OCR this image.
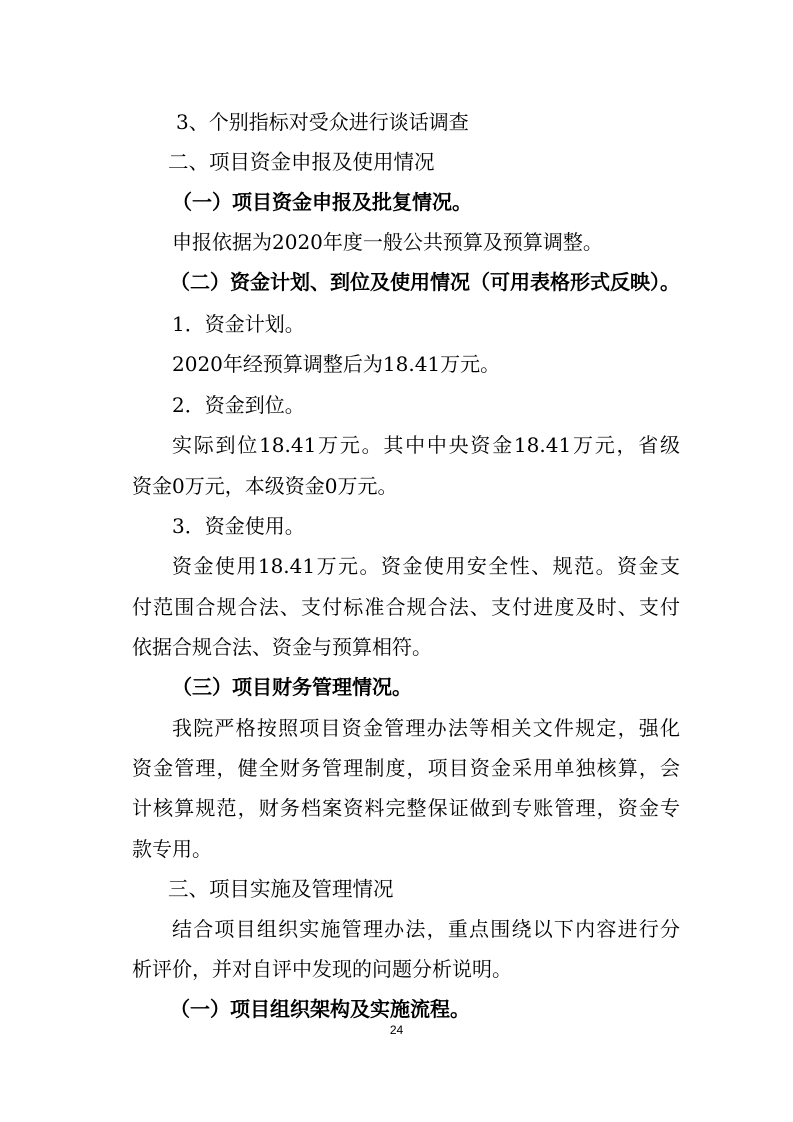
3、个别指标对受众进行谈话调查
二、项目资金申报及使用情况
（一）项目资金申报及批复情况。
申报依据为2020年度一般公共预算及预算调整。
（二）资金计划、到位及使用情况（可用表格形式反映）。
1．资金计划。
2020年经预算调整后为18.41万元。
2．资金到位。
实际到位18.41万元。其中中央资金18.41万元，省级
资金0万元，本级资金0万元。
3．资金使用。
资金使用18.41万元。资金使用安全性、规范。资金支
付范围合规合法、支付标准合规合法、支付进度及时、支付
依据合规合法、资金与预算相符。
（三）项目财务管理情况。
我院严格按照项目资金管理办法等相关文件规定，强化
资金管理，健全财务管理制度，项目资金采用单独核算，会
计核算规范，财务档案资料完整保证做到专账管理，资金专
款专用。
三、项目实施及管理情况
结合项目组织实施管理办法，重点围绕以下内容进行分
析评价，并对自评中发现的问题分析说明。
（一）项目组织架构及实施流程。
24
